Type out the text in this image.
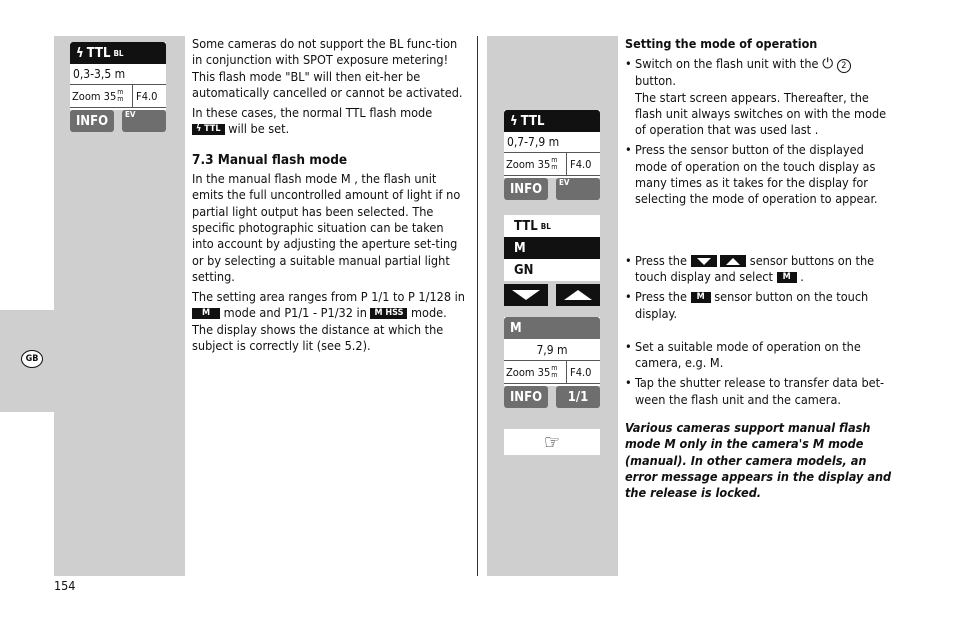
GB
ϟ TTL BL
0,3-3,5 m
Zoom 35 m
m F4.0
INFO EV	ϟ TTL
0,7-7,9 m
Zoom 35 m
m F4.0
INFO EV
TTL BL
M
GN
M
7,9 m
Zoom 35 m
m F4.0
INFO 1/1
☞

Some cameras do not support the BL func-tion in conjunction with SPOT exposure metering! This flash mode "BL" will then eit-her be automatically cancelled or cannot be activated.

In these cases, the normal TTL flash mode
ϟ TTL will be set.

7.3 Manual flash mode

In the manual flash mode M , the flash unit emits the full uncontrolled amount of light if no partial light output has been selected. The specific photographic situation can be taken into account by adjusting the aperture set-ting or by selecting a suitable manual partial light setting.

The setting area ranges from P 1/1 to P 1/128 in M mode and P1/1 - P1/32 in M HSS mode. The display shows the distance at which the subject is correctly lit (see 5.2).

Setting the mode of operation

• Switch on the flash unit with the ⏻ 2
button.
The start screen appears. Thereafter, the flash unit always switches on with the mode of operation that was used last .
• Press the sensor button of the displayed mode of operation on the touch display as many times as it takes for the display for selecting the mode of operation to appear.
• Press the
	sensor buttons on the touch display and select M .
• Press the M sensor button on the touch display.
• Set a suitable mode of operation on the camera, e.g. M.
• Tap the shutter release to transfer data bet-ween the flash unit and the camera.

Various cameras support manual flash mode M only in the camera's M mode (manual). In other camera models, an error message appears in the display and the release is locked.

154
